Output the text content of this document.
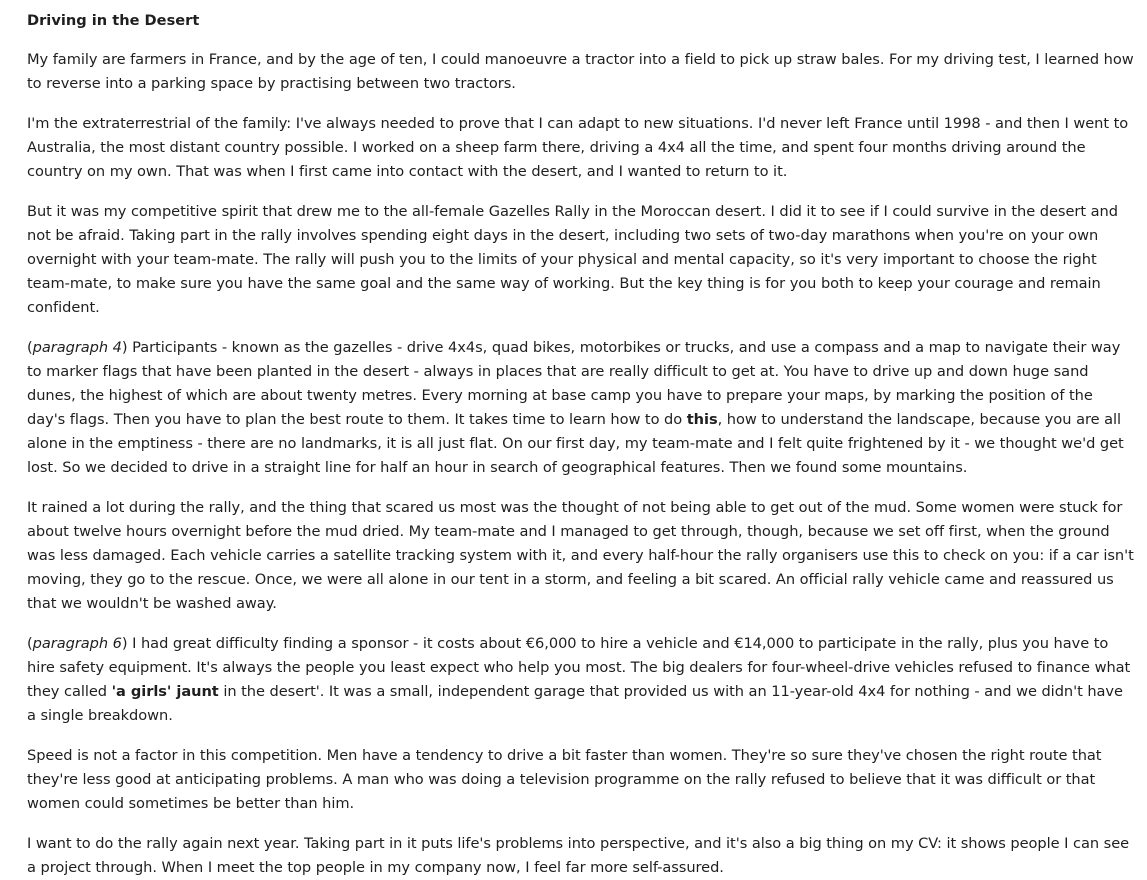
Driving in the Desert

My family are farmers in France, and by the age of ten, I could manoeuvre a tractor into a field to pick up straw bales. For my driving test, I learned how to reverse into a parking space by practising between two tractors.

I'm the extraterrestrial of the family: I've always needed to prove that I can adapt to new situations. I'd never left France until 1998 - and then I went to Australia, the most distant country possible. I worked on a sheep farm there, driving a 4x4 all the time, and spent four months driving around the country on my own. That was when I first came into contact with the desert, and I wanted to return to it.

But it was my competitive spirit that drew me to the all-female Gazelles Rally in the Moroccan desert. I did it to see if I could survive in the desert and not be afraid. Taking part in the rally involves spending eight days in the desert, including two sets of two-day marathons when you're on your own overnight with your team-mate. The rally will push you to the limits of your physical and mental capacity, so it's very important to choose the right team-mate, to make sure you have the same goal and the same way of working. But the key thing is for you both to keep your courage and remain confident.

(paragraph 4) Participants - known as the gazelles - drive 4x4s, quad bikes, motorbikes or trucks, and use a compass and a map to navigate their way to marker flags that have been planted in the desert - always in places that are really difficult to get at. You have to drive up and down huge sand dunes, the highest of which are about twenty metres. Every morning at base camp you have to prepare your maps, by marking the position of the day's flags. Then you have to plan the best route to them. It takes time to learn how to do this, how to understand the landscape, because you are all alone in the emptiness - there are no landmarks, it is all just flat. On our first day, my team-mate and I felt quite frightened by it - we thought we'd get lost. So we decided to drive in a straight line for half an hour in search of geographical features. Then we found some mountains.

It rained a lot during the rally, and the thing that scared us most was the thought of not being able to get out of the mud. Some women were stuck for about twelve hours overnight before the mud dried. My team-mate and I managed to get through, though, because we set off first, when the ground was less damaged. Each vehicle carries a satellite tracking system with it, and every half-hour the rally organisers use this to check on you: if a car isn't moving, they go to the rescue. Once, we were all alone in our tent in a storm, and feeling a bit scared. An official rally vehicle came and reassured us that we wouldn't be washed away.

(paragraph 6) I had great difficulty finding a sponsor - it costs about €6,000 to hire a vehicle and €14,000 to participate in the rally, plus you have to hire safety equipment. It's always the people you least expect who help you most. The big dealers for four-wheel-drive vehicles refused to finance what they called 'a girls' jaunt in the desert'. It was a small, independent garage that provided us with an 11-year-old 4x4 for nothing - and we didn't have a single breakdown.

Speed is not a factor in this competition. Men have a tendency to drive a bit faster than women. They're so sure they've chosen the right route that they're less good at anticipating problems. A man who was doing a television programme on the rally refused to believe that it was difficult or that women could sometimes be better than him.

I want to do the rally again next year. Taking part in it puts life's problems into perspective, and it's also a big thing on my CV: it shows people I can see a project through. When I meet the top people in my company now, I feel far more self-assured.
